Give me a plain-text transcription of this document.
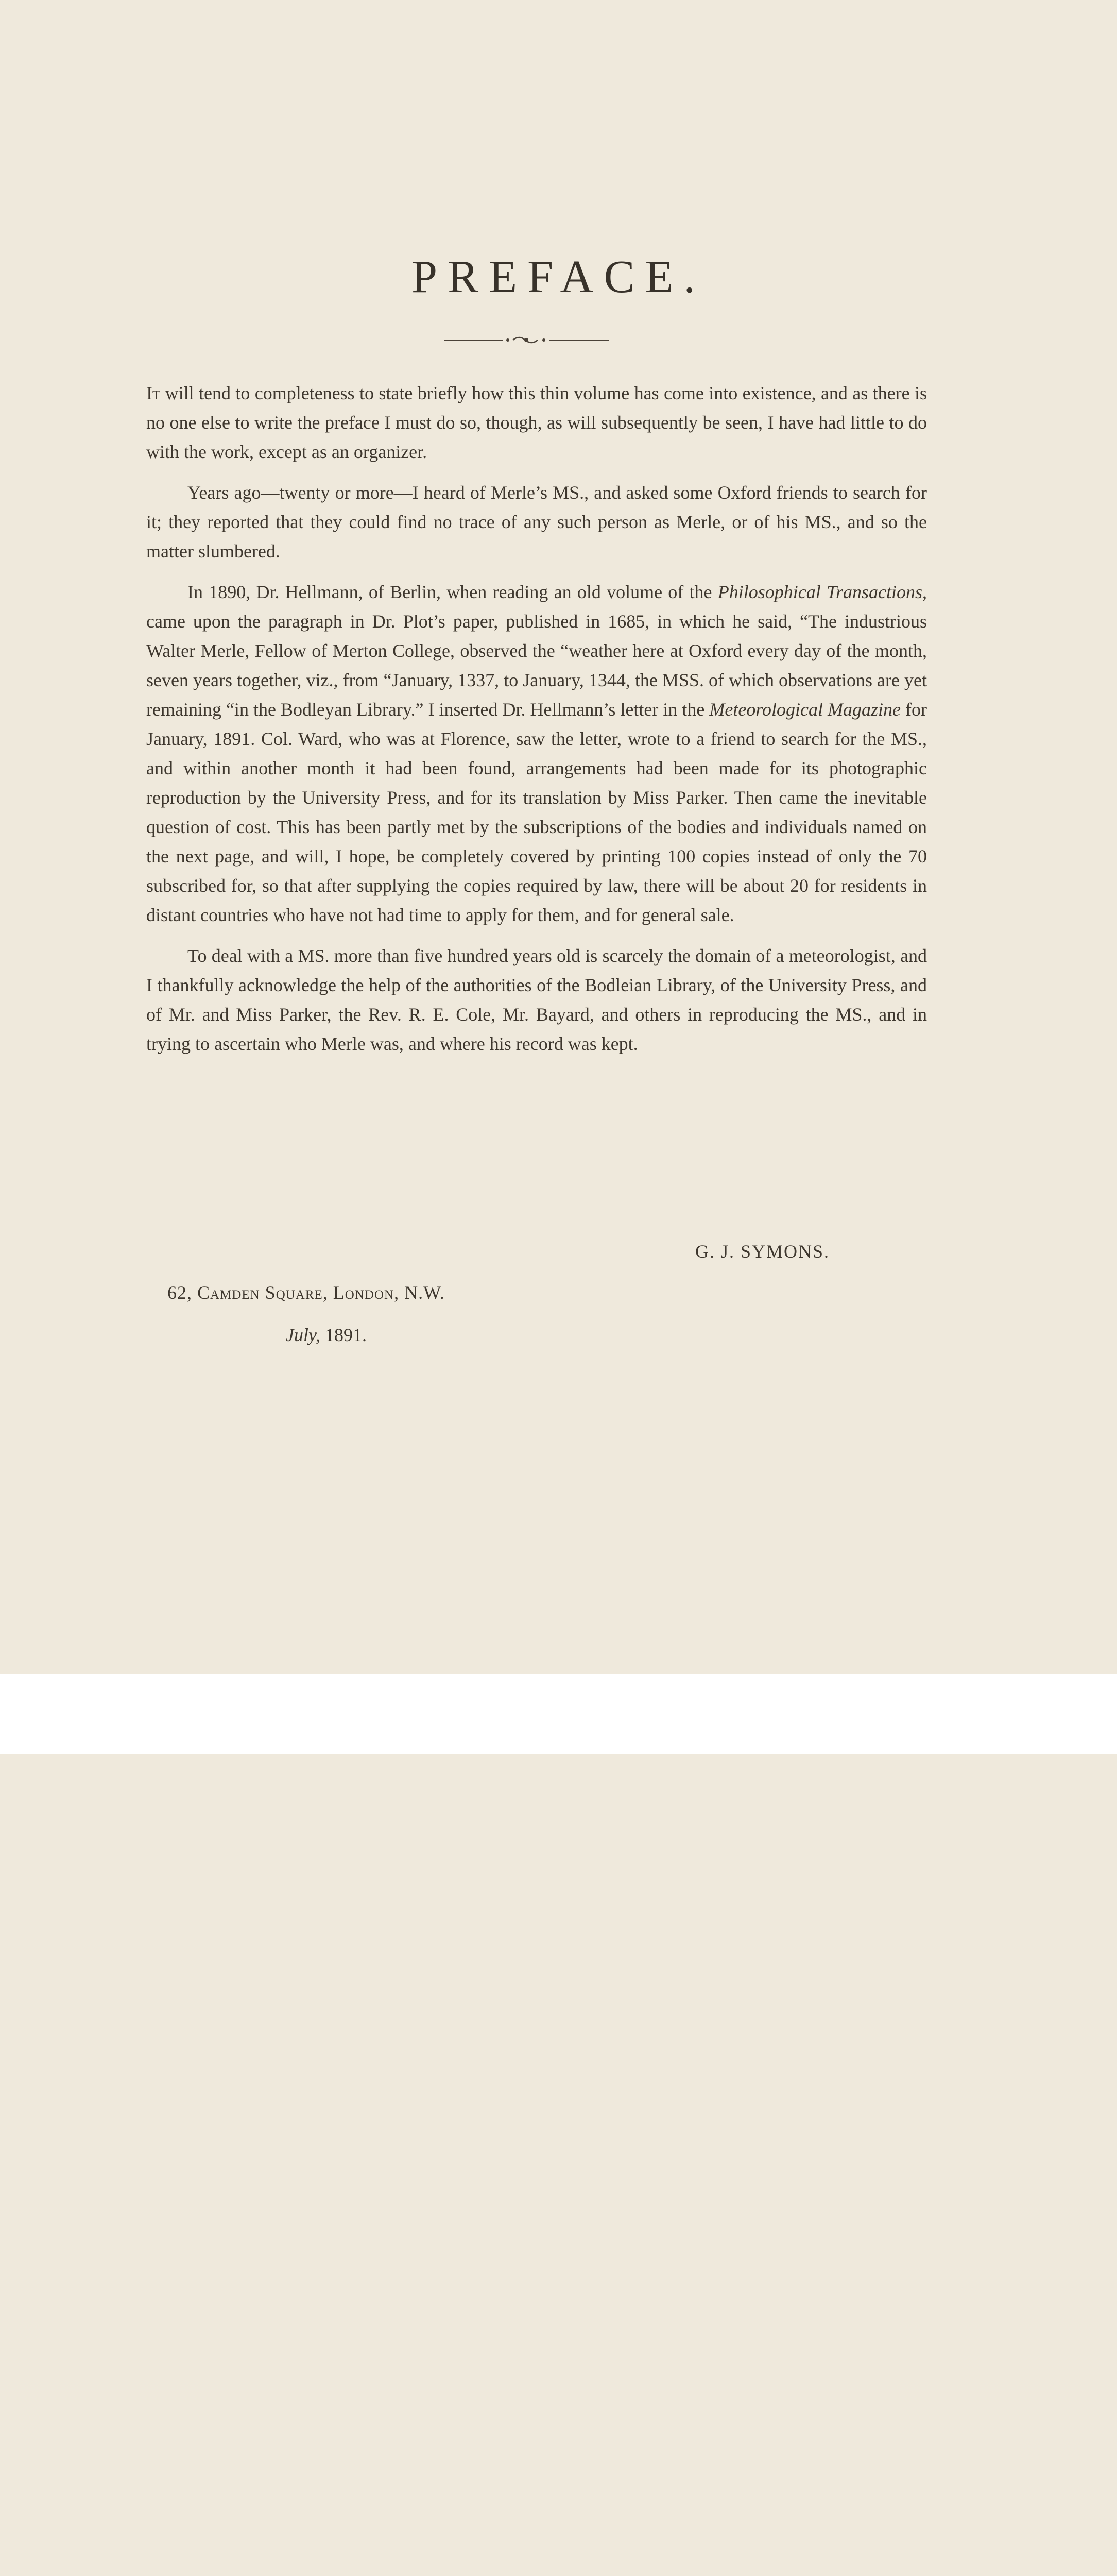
PREFACE.

It will tend to completeness to state briefly how this thin volume has come into existence, and as there is no one else to write the preface I must do so, though, as will subsequently be seen, I have had little to do with the work, except as an organizer.

Years ago—twenty or more—I heard of Merle’s MS., and asked some Oxford friends to search for it; they reported that they could find no trace of any such person as Merle, or of his MS., and so the matter slumbered.

In 1890, Dr. Hellmann, of Berlin, when reading an old volume of the Philosophical Transactions, came upon the paragraph in Dr. Plot’s paper, published in 1685, in which he said, “The industrious Walter Merle, Fellow of Merton College, observed the “weather here at Oxford every day of the month, seven years together, viz., from “January, 1337, to January, 1344, the MSS. of which observations are yet remaining “in the Bodleyan Library.” I inserted Dr. Hellmann’s letter in the Meteorological Magazine for January, 1891. Col. Ward, who was at Florence, saw the letter, wrote to a friend to search for the MS., and within another month it had been found, arrangements had been made for its photographic reproduction by the University Press, and for its translation by Miss Parker. Then came the inevitable question of cost. This has been partly met by the subscriptions of the bodies and individuals named on the next page, and will, I hope, be completely covered by printing 100 copies instead of only the 70 subscribed for, so that after supplying the copies required by law, there will be about 20 for residents in distant countries who have not had time to apply for them, and for general sale.

To deal with a MS. more than five hundred years old is scarcely the domain of a meteorologist, and I thankfully acknowledge the help of the authorities of the Bodleian Library, of the University Press, and of Mr. and Miss Parker, the Rev. R. E. Cole, Mr. Bayard, and others in reproducing the MS., and in trying to ascertain who Merle was, and where his record was kept.

G. J. SYMONS.
62, Camden Square, London, N.W.
July, 1891.
